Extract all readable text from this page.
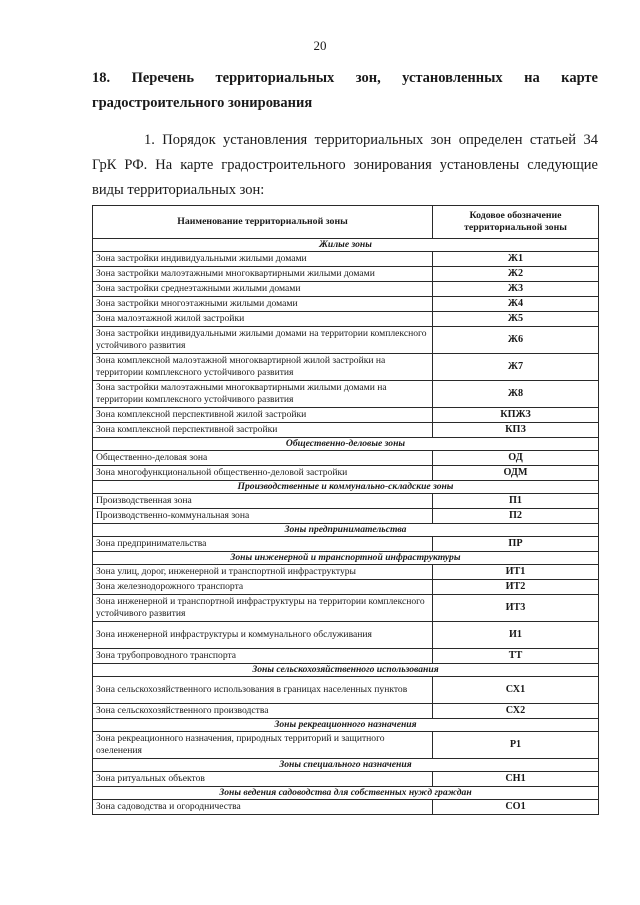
20
18. Перечень территориальных зон, установленных на карте
градостроительного зонирования
1. Порядок установления территориальных зон определен статьей 34
ГрК РФ. На карте градостроительного зонирования установлены следующие
виды территориальных зон:
Наименование территориальной зоны	Кодовое обозначение территориальной зоны
Жилые зоны	
Зона застройки индивидуальными жилыми домами	Ж1
Зона застройки малоэтажными многоквартирными жилыми домами	Ж2
Зона застройки среднеэтажными жилыми домами	Ж3
Зона застройки многоэтажными жилыми домами	Ж4
Зона малоэтажной жилой застройки	Ж5
Зона застройки индивидуальными жилыми домами на территории комплексного устойчивого развития	Ж6
Зона комплексной малоэтажной многоквартирной жилой застройки на территории комплексного устойчивого развития	Ж7
Зона застройки малоэтажными многоквартирными жилыми домами на территории комплексного устойчивого развития	Ж8
Зона комплексной перспективной жилой застройки	КПЖЗ
Зона комплексной перспективной застройки	КПЗ
Общественно-деловые зоны	
Общественно-деловая зона	ОД
Зона многофункциональной общественно-деловой застройки	ОДМ
Производственные и коммунально-складские зоны	
Производственная зона	П1
Производственно-коммунальная зона	П2
Зоны предпринимательства	
Зона предпринимательства	ПР
Зоны инженерной и транспортной инфраструктуры	
Зона улиц, дорог, инженерной и транспортной инфраструктуры	ИТ1
Зона железнодорожного транспорта	ИТ2
Зона инженерной и транспортной инфраструктуры на территории комплексного устойчивого развития	ИТ3
Зона инженерной инфраструктуры и коммунального обслуживания	И1
Зона трубопроводного транспорта	ТТ
Зоны сельскохозяйственного использования	
Зона сельскохозяйственного использования в границах населенных пунктов	СХ1
Зона сельскохозяйственного производства	СХ2
Зоны рекреационного назначения	
Зона рекреационного назначения, природных территорий и защитного озеленения	Р1
Зоны специального назначения	
Зона ритуальных объектов	СН1
Зоны ведения садоводства для собственных нужд граждан	
Зона садоводства и огородничества	СО1
